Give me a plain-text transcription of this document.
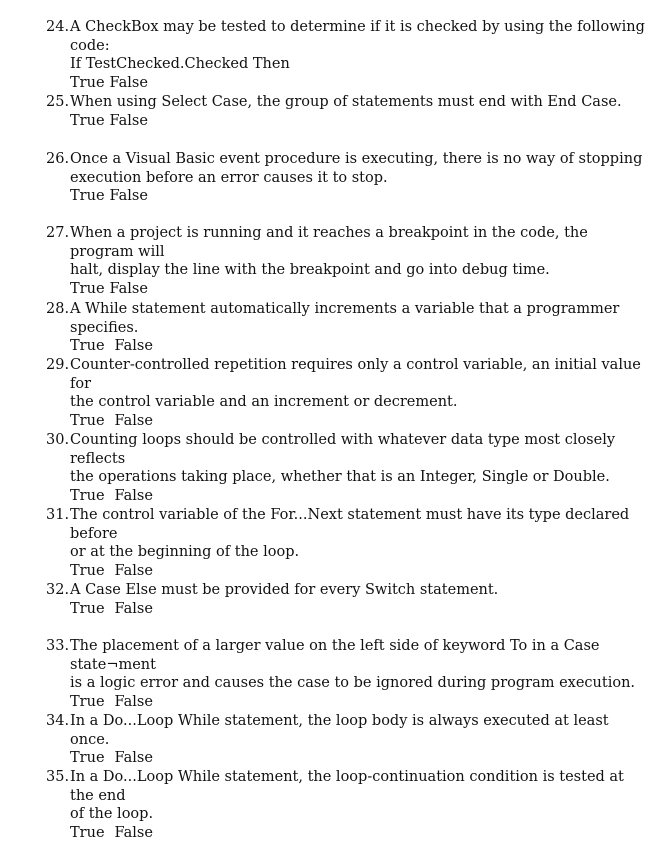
24. A CheckBox may be tested to determine if it is checked by using the following code:
If TestChecked.Checked Then
True False
25. When using Select Case, the group of statements must end with End Case.
True False
26. Once a Visual Basic event procedure is executing, there is no way of stopping
execution before an error causes it to stop.
True False
27. When a project is running and it reaches a breakpoint in the code, the program will
halt, display the line with the breakpoint and go into debug time.
True False
28. A While statement automatically increments a variable that a programmer specifies.
True False
29. Counter-controlled repetition requires only a control variable, an initial value for
the control variable and an increment or decrement.
True False
30. Counting loops should be controlled with whatever data type most closely reflects
the operations taking place, whether that is an Integer, Single or Double.
True False
31. The control variable of the For...Next statement must have its type declared before
or at the beginning of the loop.
True False
32. A Case Else must be provided for every Switch statement.
True False
33. The placement of a larger value on the left side of keyword To in a Case state¬ment
is a logic error and causes the case to be ignored during program execution.
True False
34. In a Do...Loop While statement, the loop body is always executed at least once.
True False
35. In a Do...Loop While statement, the loop-continuation condition is tested at the end
of the loop.
True False
